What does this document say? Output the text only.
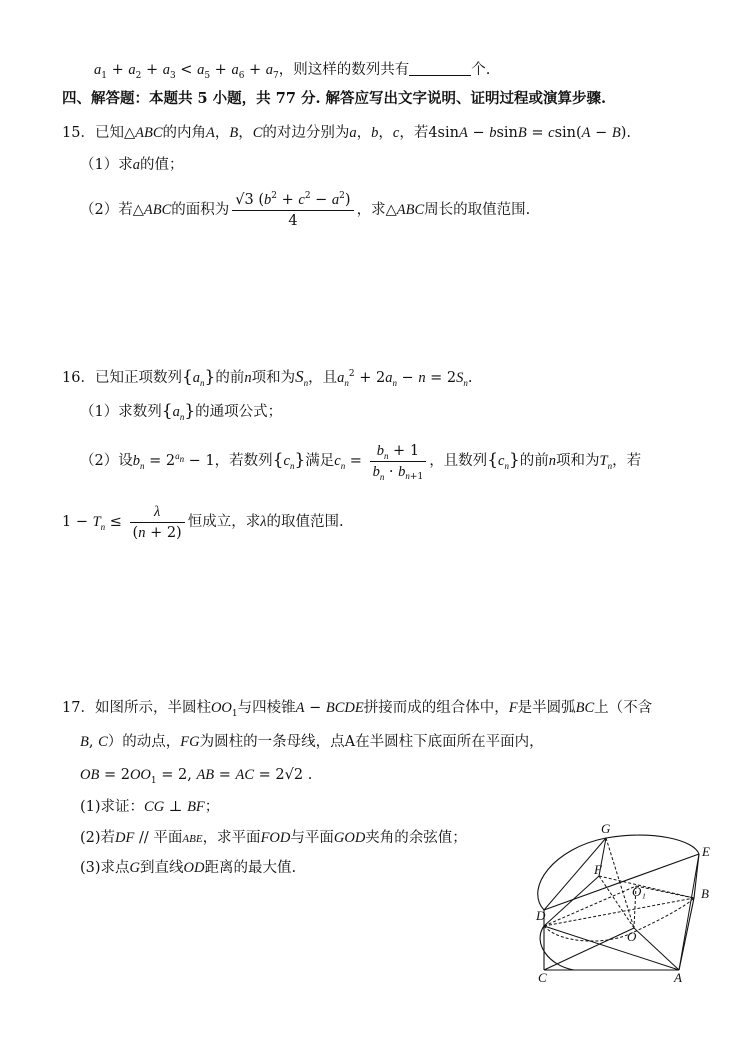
$a_1 + a_2 + a_3 < a_5 + a_6 + a_7$，则这样的数列共有	个.
四、解答题：本题共 5 小题，共 77 分. 解答应写出文字说明、证明过程或演算步骤.
15．已知△ABC的内角A，B，C的对边分别为a，b，c，若4sinA − bsinB = csin(A − B).
（1）求a的值；
（2）若△ABC的面积为 $\frac{√3 (b^2 + c^2 - a^2)}{4}$ ，求△ABC周长的取值范围.
16．已知正项数列$\{a_n\}$的前n项和为$S_n$，且$a_n^2 + 2a_n - n = 2S_n$.
（1）求数列$\{a_n\}$的通项公式；
（2）设$b_n = 2^{a_n} - 1$，若数列$\{c_n\}$满足$c_n = \frac{b_n + 1}{b_n \cdot b_{n+1}}$ ，且数列$\{c_n\}$的前n项和为$T_n$，若
$1 - T_n \le \frac{\lambda}{(n + 2)}$ 恒成立，求λ的取值范围.
17．如图所示，半圆柱$OO_1$与四棱锥A − BCDE拼接而成的组合体中，F是半圆弧BC上（不含
B, C）的动点，FG为圆柱的一条母线，点A在半圆柱下底面所在平面内，
OB = $2OO_1 = 2$, AB = AC = 2√2 .
(1)求证：CG ⊥ BF；
(2)若DF // 平面ABE，求平面FOD与平面GOD夹角的余弦值；
(3)求点G到直线OD距离的最大值.
G
E
F
O₁	B
D
O
C	A
